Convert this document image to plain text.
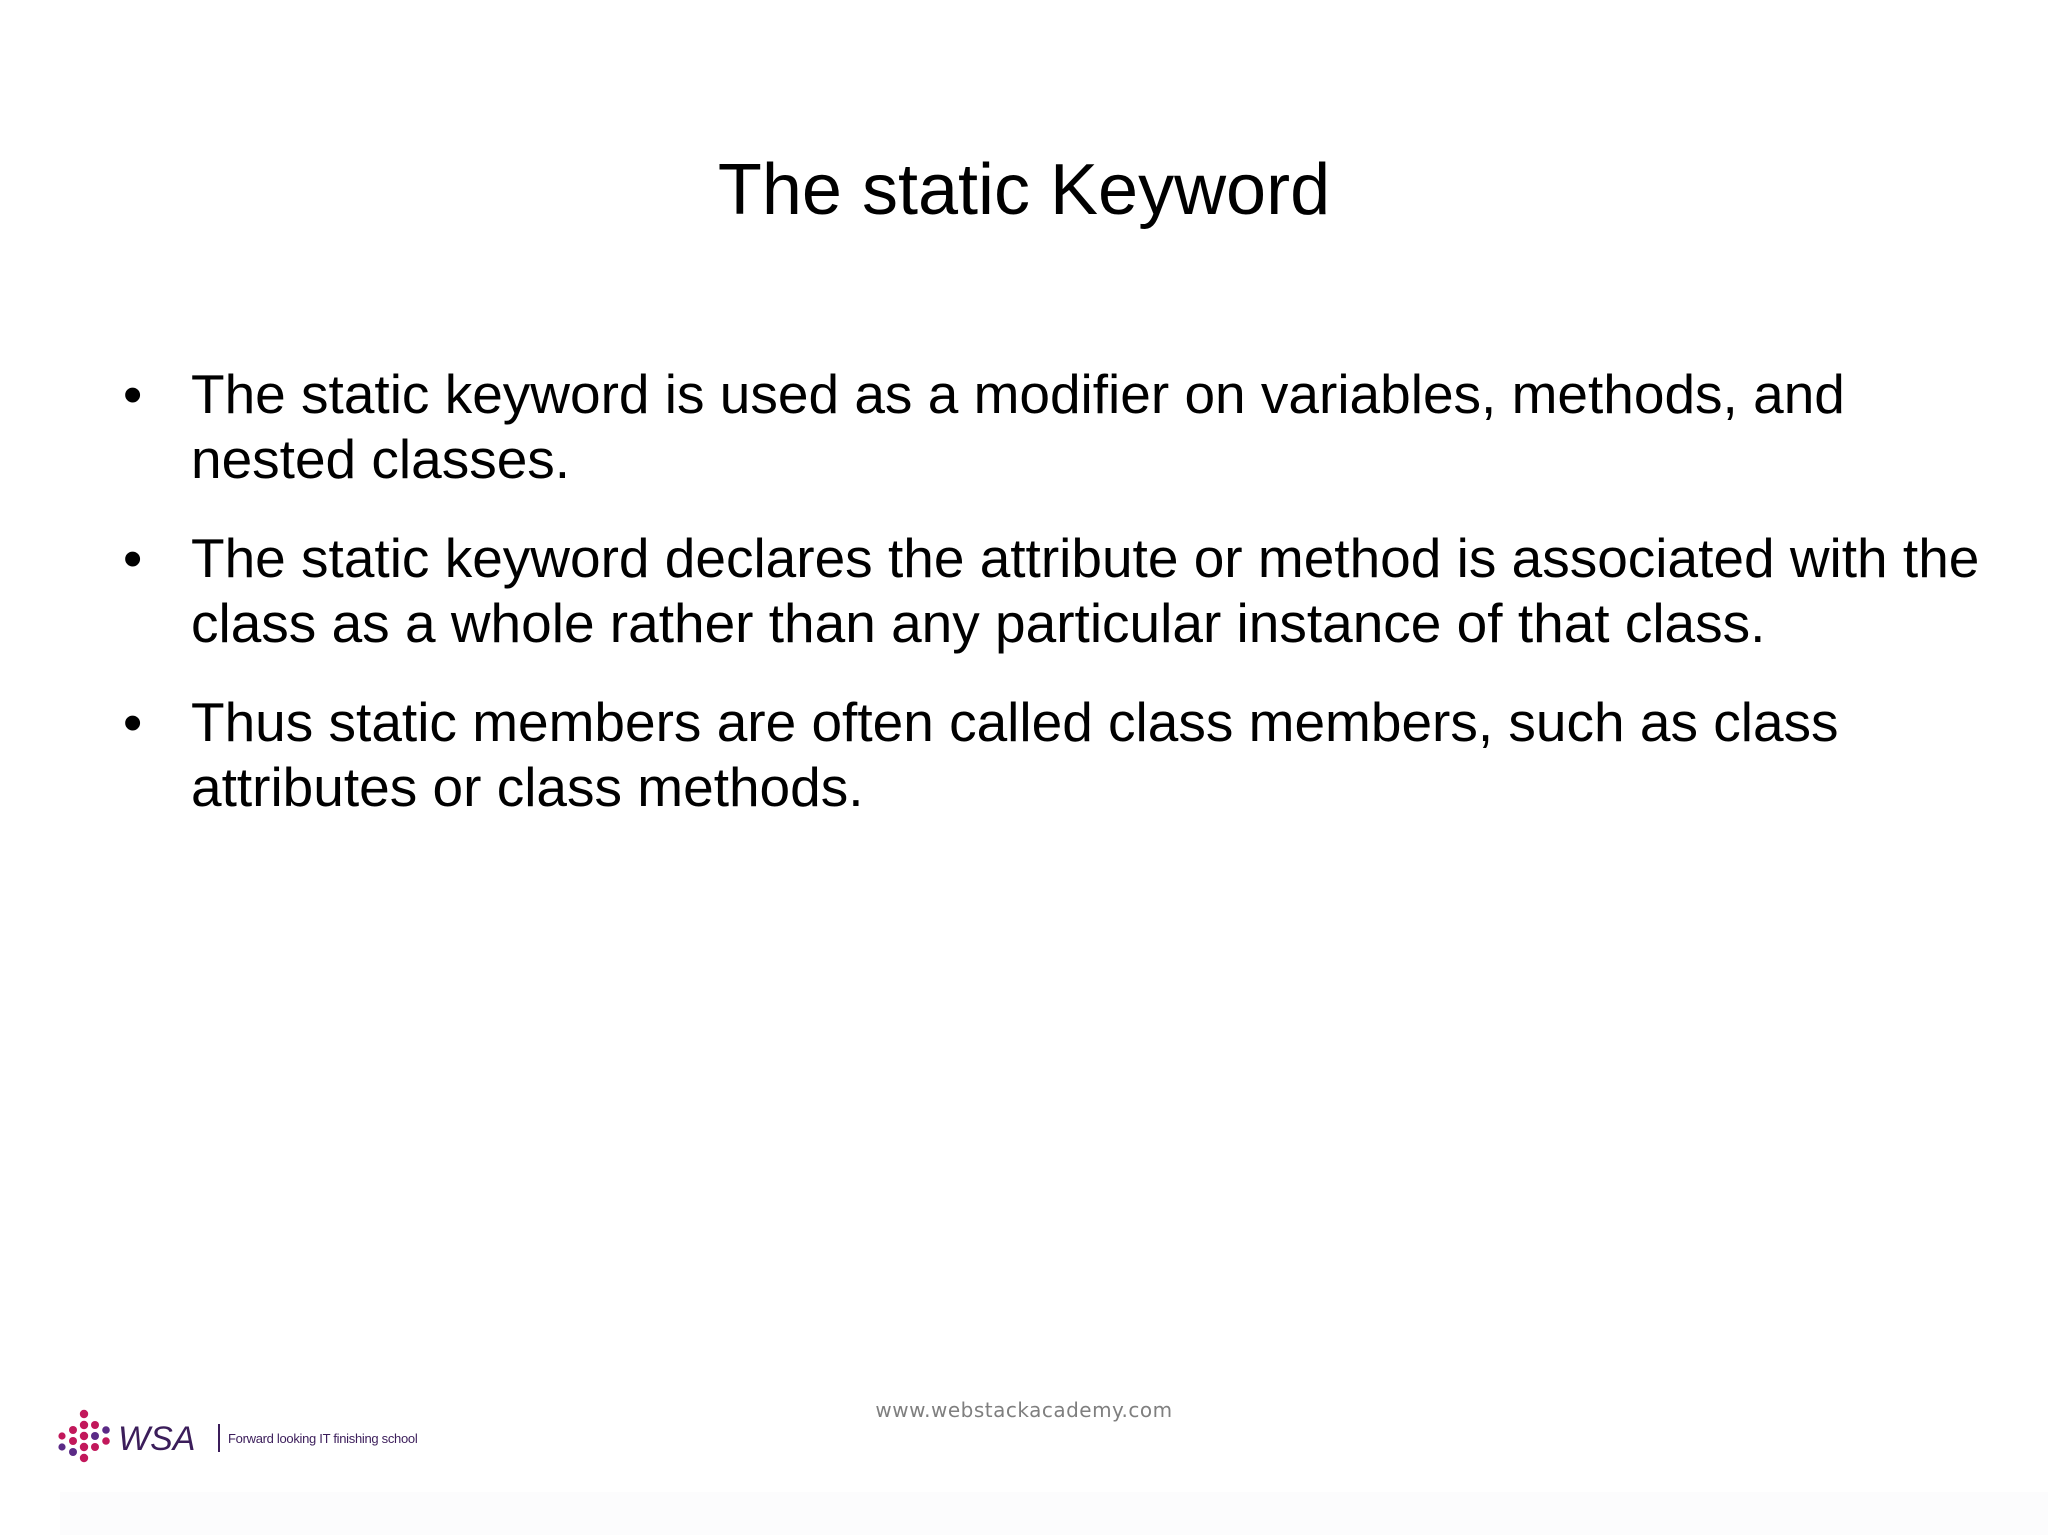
The static Keyword
• The static keyword is used as a modifier on variables, methods, and nested classes.
• The static keyword declares the attribute or method is associated with the class as a whole rather than any particular instance of that class.
• Thus static members are often called class members, such as class attributes or class methods.
www.webstackacademy.com
WSA	Forward looking IT finishing school
